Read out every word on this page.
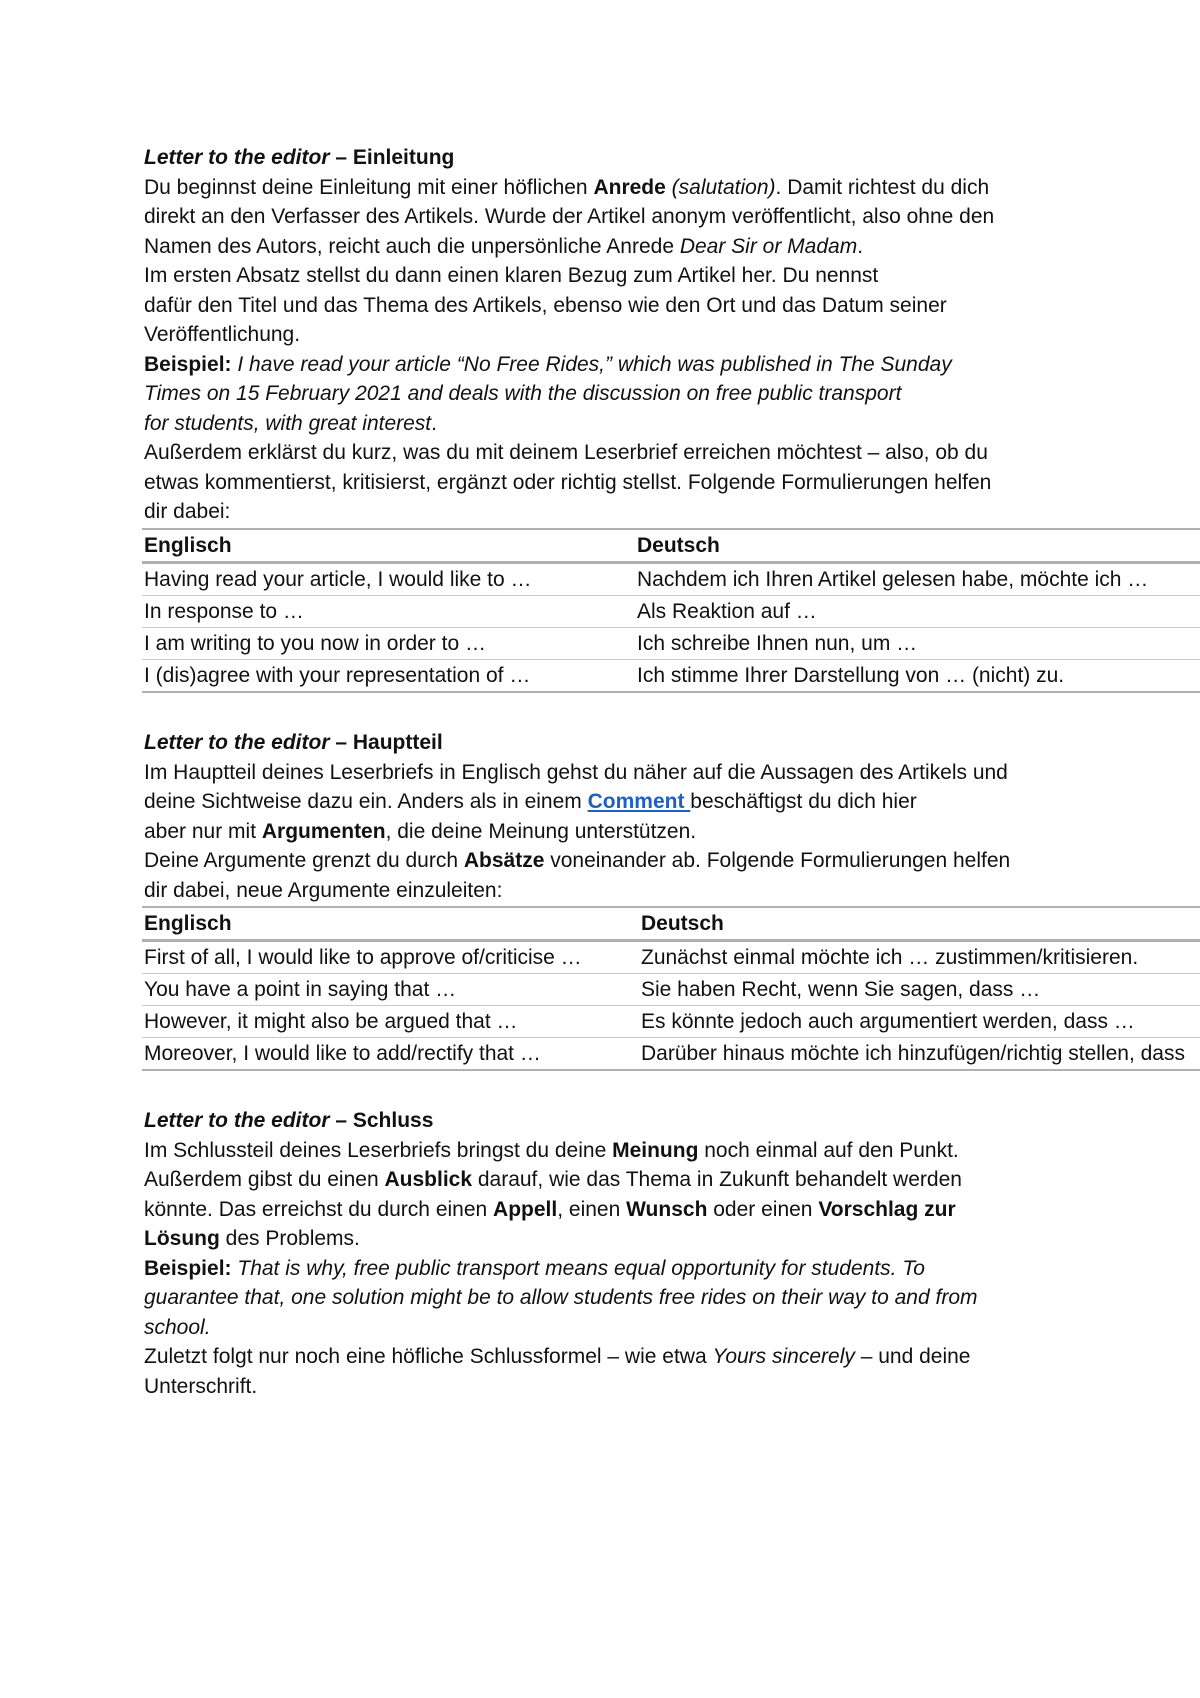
Letter to the editor – Einleitung
Du beginnst deine Einleitung mit einer höflichen Anrede (salutation). Damit richtest du dich
direkt an den Verfasser des Artikels. Wurde der Artikel anonym veröffentlicht, also ohne den
Namen des Autors, reicht auch die unpersönliche Anrede Dear Sir or Madam.
Im ersten Absatz stellst du dann einen klaren Bezug zum Artikel her. Du nennst
dafür den Titel und das Thema des Artikels, ebenso wie den Ort und das Datum seiner
Veröffentlichung.
Beispiel: I have read your article “No Free Rides,” which was published in The Sunday
Times on 15 February 2021 and deals with the discussion on free public transport
for students, with great interest.
Außerdem erklärst du kurz, was du mit deinem Leserbrief erreichen möchtest – also, ob du
etwas kommentierst, kritisierst, ergänzt oder richtig stellst. Folgende Formulierungen helfen
dir dabei:
Englisch	Deutsch
Having read your article, I would like to …	Nachdem ich Ihren Artikel gelesen habe, möchte ich …
In response to …	Als Reaktion auf …
I am writing to you now in order to …	Ich schreibe Ihnen nun, um …
I (dis)agree with your representation of …	Ich stimme Ihrer Darstellung von … (nicht) zu.
Letter to the editor – Hauptteil
Im Hauptteil deines Leserbriefs in Englisch gehst du näher auf die Aussagen des Artikels und
deine Sichtweise dazu ein. Anders als in einem Comment beschäftigst du dich hier
aber nur mit Argumenten, die deine Meinung unterstützen.
Deine Argumente grenzt du durch Absätze voneinander ab. Folgende Formulierungen helfen
dir dabei, neue Argumente einzuleiten:
Englisch	Deutsch
First of all, I would like to approve of/criticise …	Zunächst einmal möchte ich … zustimmen/kritisieren.
You have a point in saying that …	Sie haben Recht, wenn Sie sagen, dass …
However, it might also be argued that …	Es könnte jedoch auch argumentiert werden, dass …
Moreover, I would like to add/rectify that …	Darüber hinaus möchte ich hinzufügen/richtig stellen, dass
Letter to the editor – Schluss
Im Schlussteil deines Leserbriefs bringst du deine Meinung noch einmal auf den Punkt.
Außerdem gibst du einen Ausblick darauf, wie das Thema in Zukunft behandelt werden
könnte. Das erreichst du durch einen Appell, einen Wunsch oder einen Vorschlag zur
Lösung des Problems.
Beispiel: That is why, free public transport means equal opportunity for students. To
guarantee that, one solution might be to allow students free rides on their way to and from
school.
Zuletzt folgt nur noch eine höfliche Schlussformel – wie etwa Yours sincerely – und deine
Unterschrift.
